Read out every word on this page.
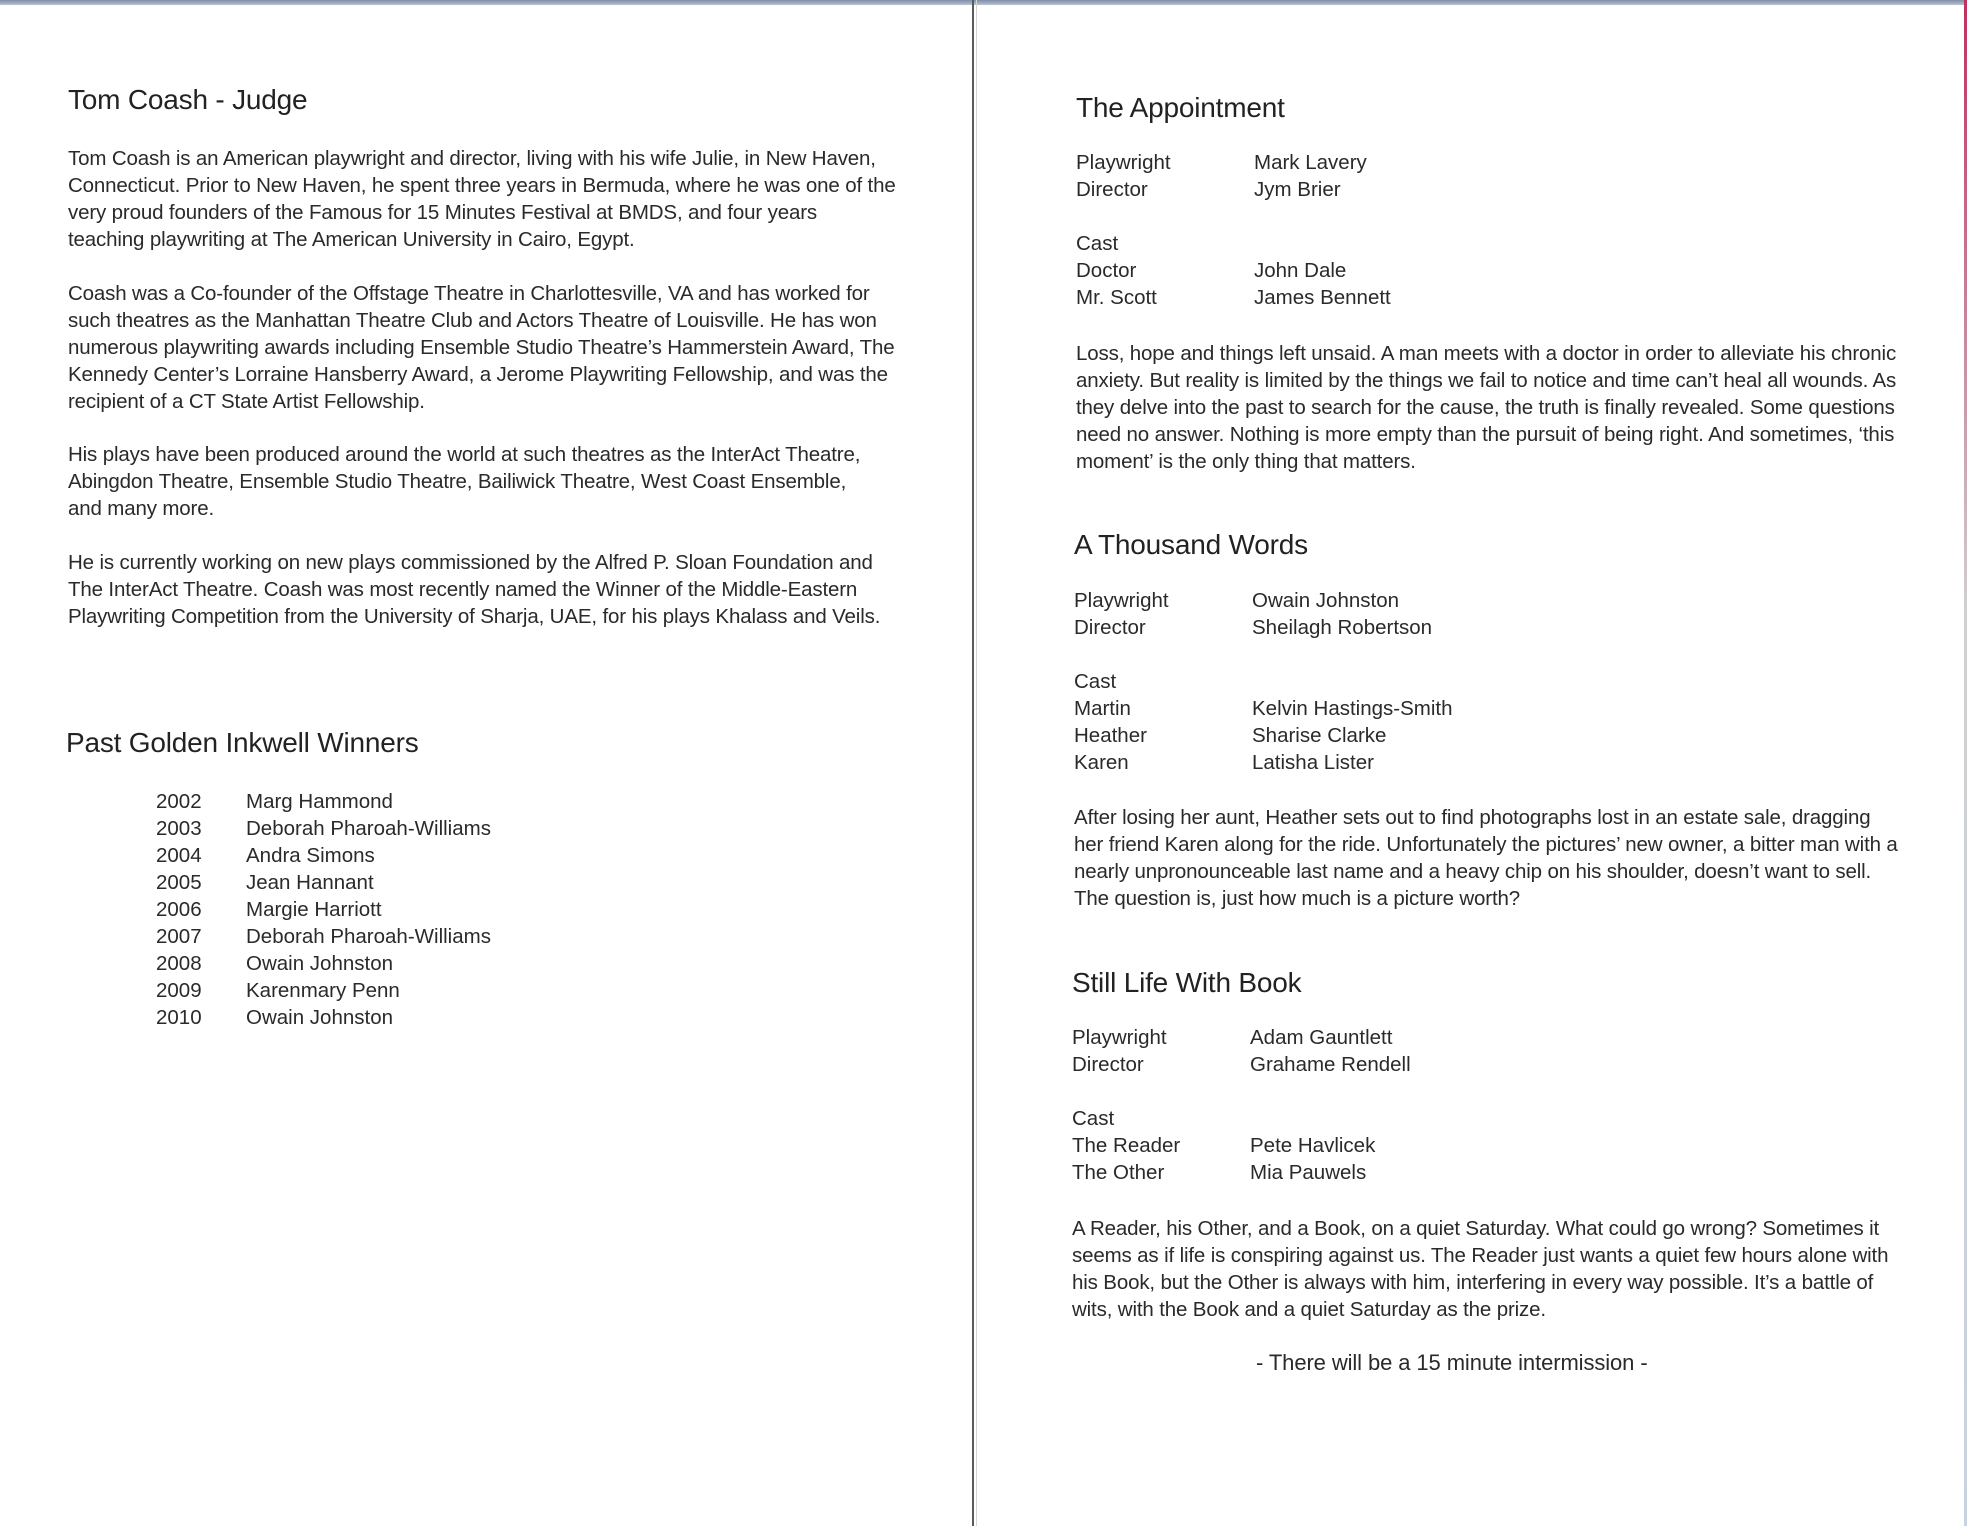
Tom Coash - Judge

Tom Coash is an American playwright and director, living with his wife Julie, in New Haven, Connecticut. Prior to New Haven, he spent three years in Bermuda, where he was one of the very proud founders of the Famous for 15 Minutes Festival at BMDS, and four years teaching playwriting at The American University in Cairo, Egypt.

Coash was a Co-founder of the Offstage Theatre in Charlottesville, VA and has worked for such theatres as the Manhattan Theatre Club and Actors Theatre of Louisville. He has won numerous playwriting awards including Ensemble Studio Theatre’s Hammerstein Award, The Kennedy Center’s Lorraine Hansberry Award, a Jerome Playwriting Fellowship, and was the recipient of a CT State Artist Fellowship.

His plays have been produced around the world at such theatres as the InterAct Theatre, Abingdon Theatre, Ensemble Studio Theatre, Bailiwick Theatre, West Coast Ensemble, and many more.

He is currently working on new plays commissioned by the Alfred P. Sloan Foundation and The InterAct Theatre. Coash was most recently named the Winner of the Middle-Eastern Playwriting Competition from the University of Sharja, UAE, for his plays Khalass and Veils.

Past Golden Inkwell Winners
2002	Marg Hammond
2003	Deborah Pharoah-Williams
2004	Andra Simons
2005	Jean Hannant
2006	Margie Harriott
2007	Deborah Pharoah-Williams
2008	Owain Johnston
2009	Karenmary Penn
2010	Owain Johnston
The Appointment
Playwright	Mark Lavery
Director	Jym Brier
Cast
Doctor	John Dale
Mr. Scott	James Bennett

Loss, hope and things left unsaid. A man meets with a doctor in order to alleviate his chronic anxiety. But reality is limited by the things we fail to notice and time can’t heal all wounds. As they delve into the past to search for the cause, the truth is finally revealed. Some questions need no answer. Nothing is more empty than the pursuit of being right. And sometimes, ‘this moment’ is the only thing that matters.

A Thousand Words
Playwright	Owain Johnston
Director	Sheilagh Robertson
Cast
Martin	Kelvin Hastings-Smith
Heather	Sharise Clarke
Karen	Latisha Lister

After losing her aunt, Heather sets out to find photographs lost in an estate sale, dragging her friend Karen along for the ride. Unfortunately the pictures’ new owner, a bitter man with a nearly unpronounceable last name and a heavy chip on his shoulder, doesn’t want to sell. The question is, just how much is a picture worth?

Still Life With Book
Playwright	Adam Gauntlett
Director	Grahame Rendell
Cast
The Reader	Pete Havlicek
The Other	Mia Pauwels

A Reader, his Other, and a Book, on a quiet Saturday. What could go wrong? Sometimes it seems as if life is conspiring against us. The Reader just wants a quiet few hours alone with his Book, but the Other is always with him, interfering in every way possible. It’s a battle of wits, with the Book and a quiet Saturday as the prize.

- There will be a 15 minute intermission -
